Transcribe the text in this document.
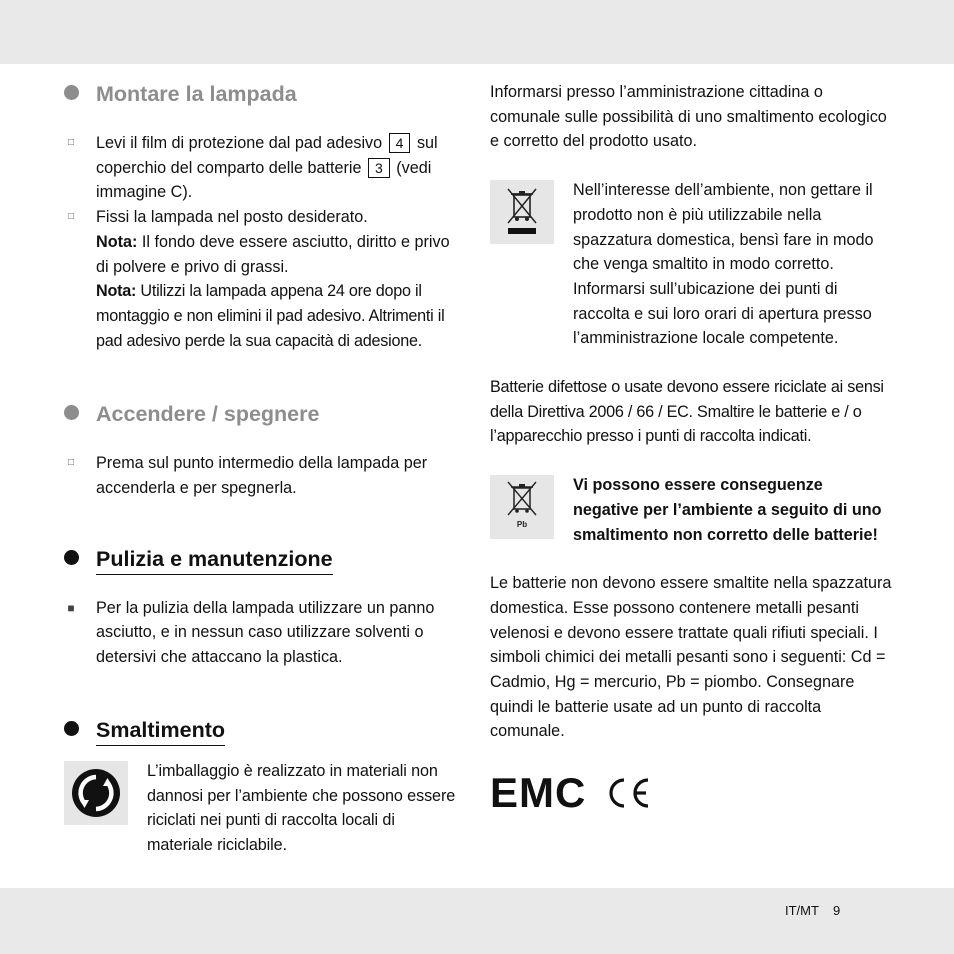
Montare la lampada
□ Levi il film di protezione dal pad adesivo 4 sul coperchio del comparto delle batterie 3 (vedi immagine C).
□ Fissi la lampada nel posto desiderato.
Nota: Il fondo deve essere asciutto, diritto e privo di polvere e privo di grassi.
Nota: Utilizzi la lampada appena 24 ore dopo il montaggio e non elimini il pad adesivo. Altrimenti il pad adesivo perde la sua capacità di adesione.
Accendere / spegnere
□ Prema sul punto intermedio della lampada per accenderla e per spegnerla.
Pulizia e manutenzione
■ Per la pulizia della lampada utilizzare un panno asciutto, e in nessun caso utilizzare solventi o detersivi che attaccano la plastica.
Smaltimento
L’imballaggio è realizzato in materiali non dannosi per l’ambiente che possono essere riciclati nei punti di raccolta locali di materiale riciclabile.
Informarsi presso l’amministrazione cittadina o comunale sulle possibilità di uno smaltimento ecologico e corretto del prodotto usato.
Nell’interesse dell’ambiente, non gettare il prodotto non è più utilizzabile nella spazzatura domestica, bensì fare in modo che venga smaltito in modo corretto. Informarsi sull’ubicazione dei punti di raccolta e sui loro orari di apertura presso l’amministrazione locale competente.
Batterie difettose o usate devono essere riciclate ai sensi della Direttiva 2006 / 66 / EC. Smaltire le batterie e / o l’apparecchio presso i punti di raccolta indicati.
Pb
Vi possono essere conseguenze negative per l’ambiente a seguito di uno smaltimento non corretto delle batterie!
Le batterie non devono essere smaltite nella spazzatura domestica. Esse possono contenere metalli pesanti velenosi e devono essere trattate quali rifiuti speciali. I simboli chimici dei metalli pesanti sono i seguenti: Cd = Cadmio, Hg = mercurio, Pb = piombo. Consegnare quindi le batterie usate ad un punto di raccolta comunale.
EMC
IT/MT 9
